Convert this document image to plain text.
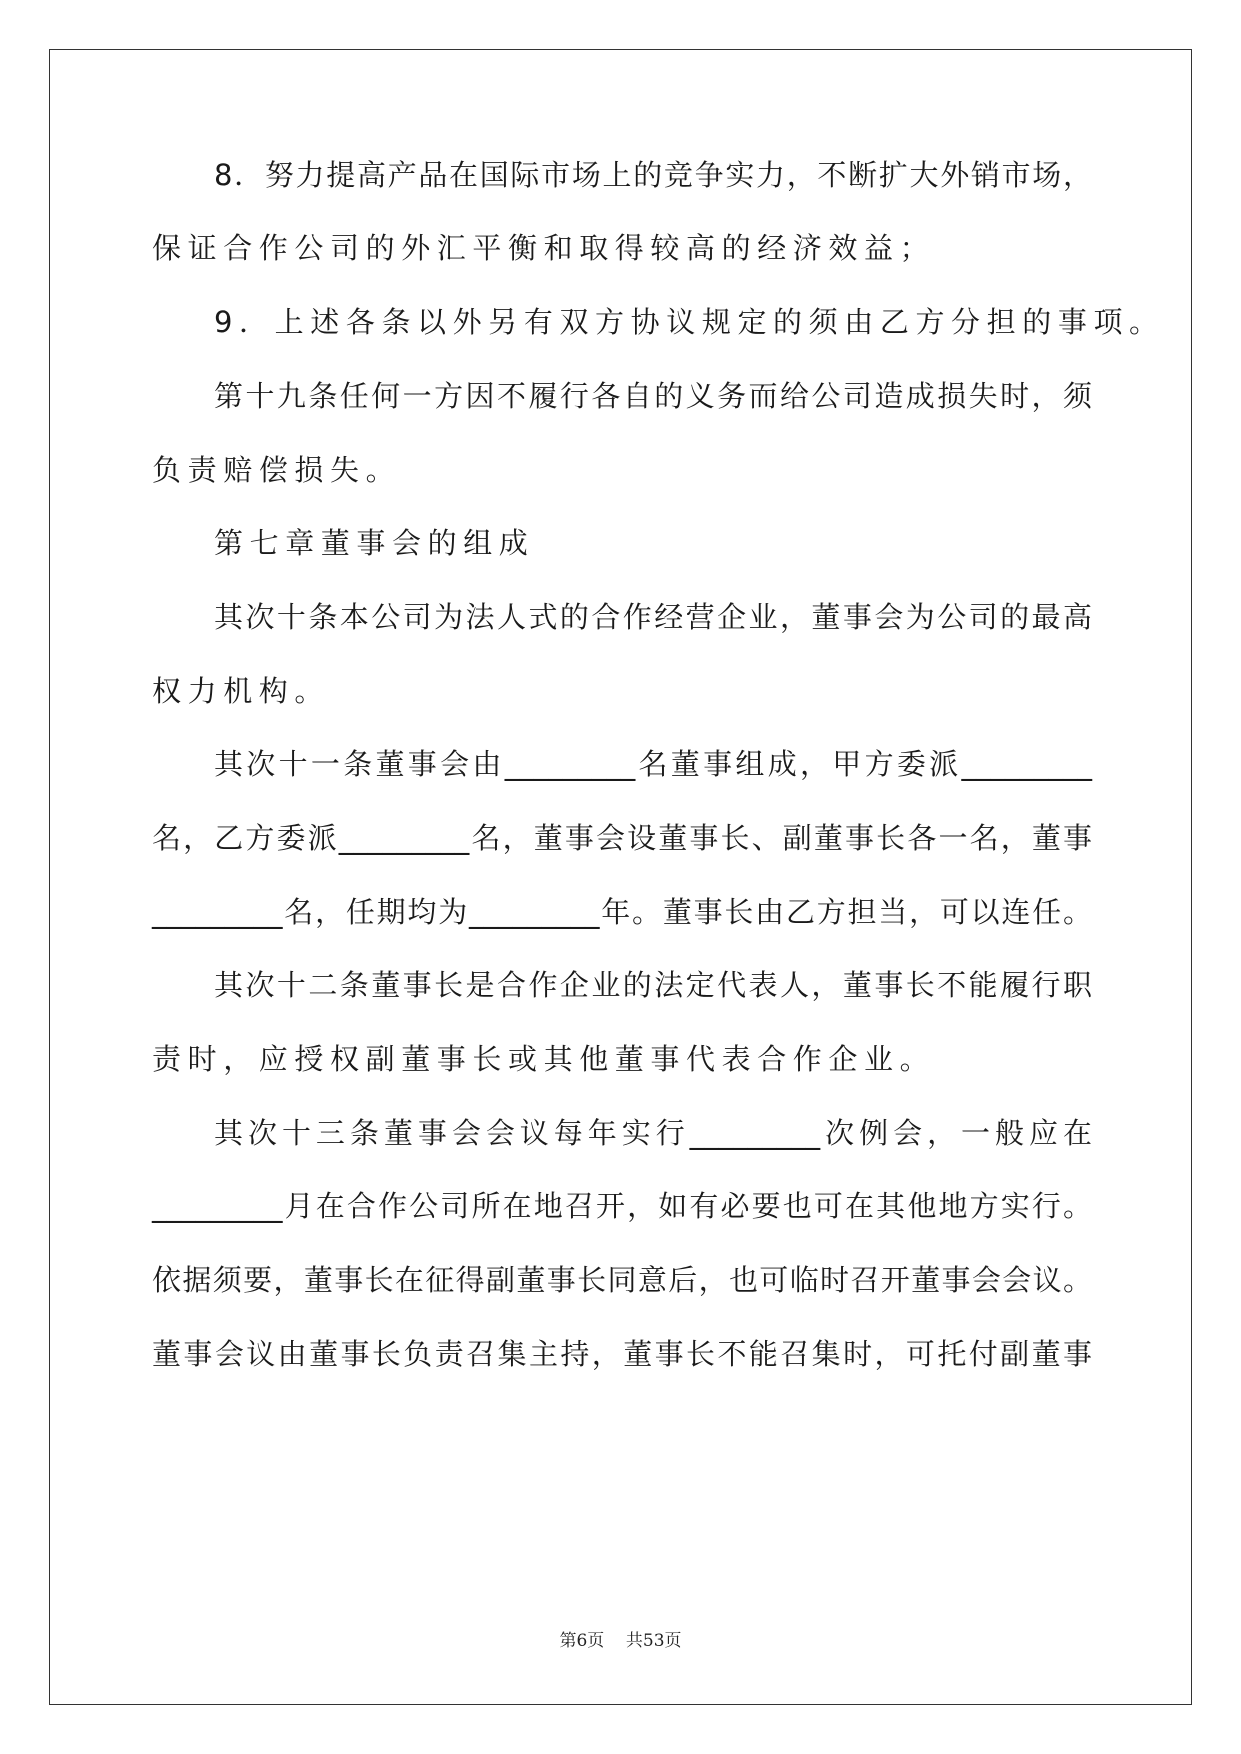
8．努力提高产品在国际市场上的竞争实力，不断扩大外销市场，
保证合作公司的外汇平衡和取得较高的经济效益；
9．上述各条以外另有双方协议规定的须由乙方分担的事项。
第十九条任何一方因不履行各自的义务而给公司造成损失时，须
负责赔偿损失。
第七章董事会的组成
其次十条本公司为法人式的合作经营企业，董事会为公司的最高
权力机构。
其次十一条董事会由_________名董事组成，甲方委派_________
名，乙方委派_________名，董事会设董事长、副董事长各一名，董事
_________名，任期均为_________年。董事长由乙方担当，可以连任。
其次十二条董事长是合作企业的法定代表人，董事长不能履行职
责时，应授权副董事长或其他董事代表合作企业。
其次十三条董事会会议每年实行_________次例会，一般应在
_________月在合作公司所在地召开，如有必要也可在其他地方实行。
依据须要，董事长在征得副董事长同意后，也可临时召开董事会会议。
董事会议由董事长负责召集主持，董事长不能召集时，可托付副董事
第6页    共53页
